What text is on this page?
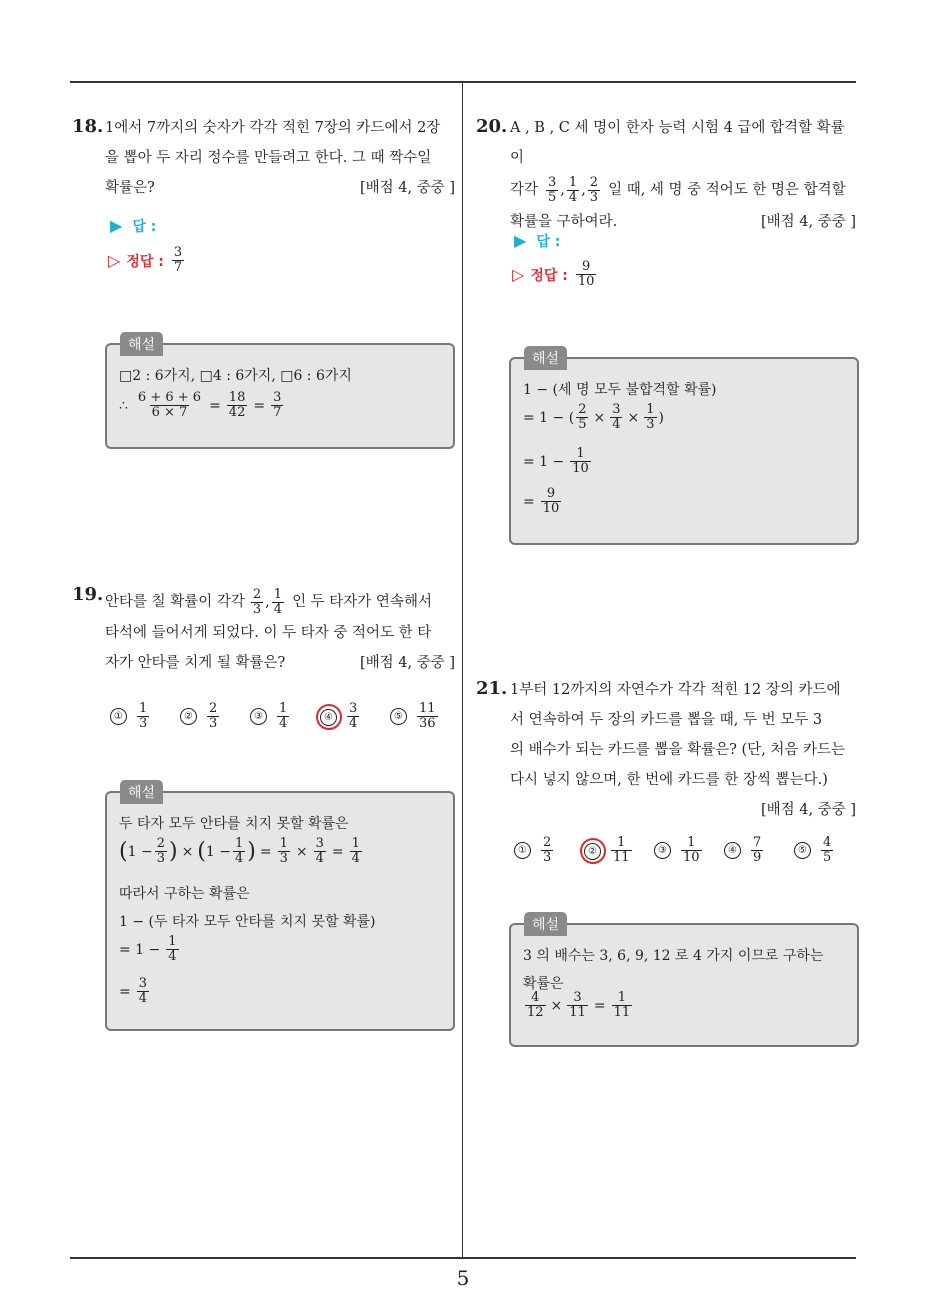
5
18. 1에서 7까지의 숫자가 각각 적힌 7장의 카드에서 2장
을 뽑아 두 자리 정수를 만들려고 한다. 그 때 짝수일
확률은?	[배점 4, 중중 ]
▶ 답 :
▷ 정답 : $\frac{3}{7}$
□2 : 6가지, □4 : 6가지, □6 : 6가지
∴ $\frac{6 + 6 + 6}{6 \times 7} = \frac{18}{42} = \frac{3}{7}$
해설
19. 안타를 칠 확률이 각각 $\frac{2}{3}$ , $\frac{1}{4}$ 인 두 타자가 연속해서
타석에 들어서게 되었다. 이 두 타자 중 적어도 한 타
자가 안타를 치게 될 확률은?	[배점 4, 중중 ]
①	$\frac{1}{3}$	②	$\frac{2}{3}$	③	$\frac{1}{4}$	④	$\frac{3}{4}$	⑤	$\frac{11}{36}$
두 타자 모두 안타를 치지 못할 확률은
( $1 - \frac{2}{3}$ ) × ( $1 - \frac{1}{4}$ ) = $\frac{1}{3} \times \frac{3}{4} = \frac{1}{4}$
따라서 구하는 확률은
1 − (두 타자 모두 안타를 치지 못할 확률)
= $1 - \frac{1}{4}$
= $\frac{3}{4}$
해설
20. A , B , C 세 명이 한자 능력 시험 4 급에 합격할 확률이
각각 $\frac{3}{5}$ , $\frac{1}{4}$ , $\frac{2}{3}$ 일 때, 세 명 중 적어도 한 명은 합격할
확률을 구하여라.	[배점 4, 중중 ]
▶ 답 :
▷ 정답 : $\frac{9}{10}$
1 − (세 명 모두 불합격할 확률)
= 1 − ( $\frac{2}{5} \times \frac{3}{4} \times \frac{1}{3}$ )
= $1 - \frac{1}{10}$
= $\frac{9}{10}$
해설
21. 1부터 12까지의 자연수가 각각 적힌 12 장의 카드에
서 연속하여 두 장의 카드를 뽑을 때, 두 번 모두 3
의 배수가 되는 카드를 뽑을 확률은? (단, 처음 카드는
다시 넣지 않으며, 한 번에 카드를 한 장씩 뽑는다.)
[배점 4, 중중 ]
①	$\frac{2}{3}$	②	$\frac{1}{11}$	③	$\frac{1}{10}$	④	$\frac{7}{9}$	⑤	$\frac{4}{5}$
3 의 배수는 3, 6, 9, 12 로 4 가지 이므로 구하는
확률은
$\frac{4}{12} \times \frac{3}{11} = \frac{1}{11}$
해설
